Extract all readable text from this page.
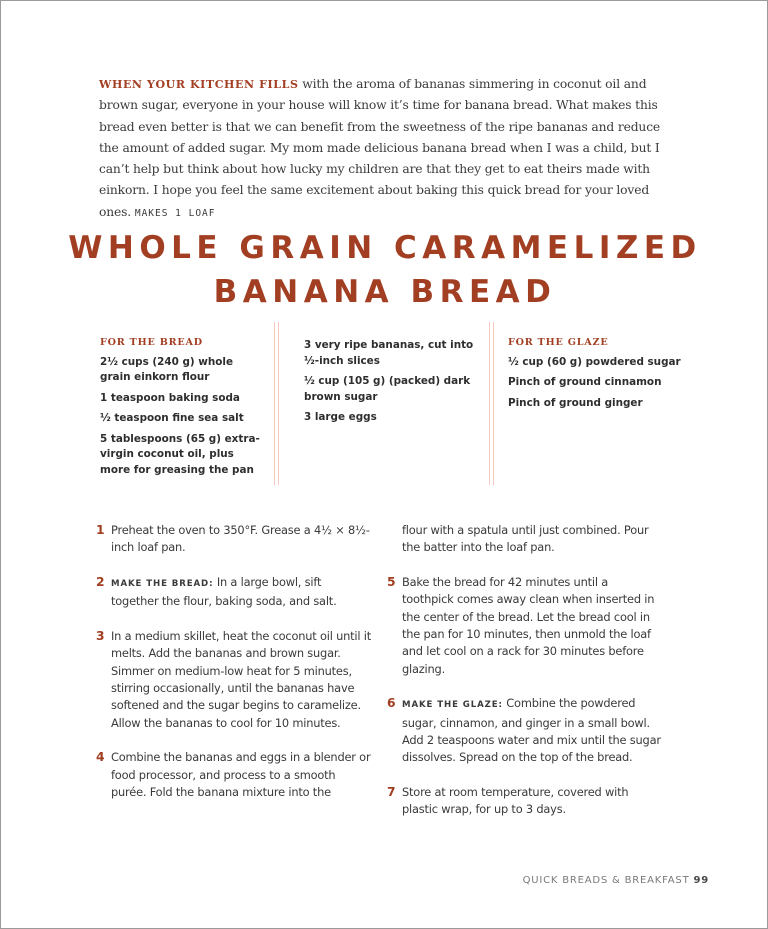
WHEN YOUR KITCHEN FILLS with the aroma of bananas simmering in coconut oil and brown sugar, everyone in your house will know it’s time for banana bread. What makes this bread even better is that we can benefit from the sweetness of the ripe bananas and reduce the amount of added sugar. My mom made delicious banana bread when I was a child, but I can’t help but think about how lucky my children are that they get to eat theirs made with einkorn. I hope you feel the same excitement about baking this quick bread for your loved ones. MAKES 1 LOAF

WHOLE GRAIN CARAMELIZED
BANANA BREAD
FOR THE BREAD
2½ cups (240 g) whole grain einkorn flour
1 teaspoon baking soda
½ teaspoon fine sea salt
5 tablespoons (65 g) extra-virgin coconut oil, plus more for greasing the pan
3 very ripe bananas, cut into ½-inch slices
½ cup (105 g) (packed) dark brown sugar
3 large eggs
FOR THE GLAZE
½ cup (60 g) powdered sugar
Pinch of ground cinnamon
Pinch of ground ginger
1 Preheat the oven to 350°F. Grease a 4½ × 8½-inch loaf pan.
2 MAKE THE BREAD: In a large bowl, sift together the flour, baking soda, and salt.
3 In a medium skillet, heat the coconut oil until it melts. Add the bananas and brown sugar. Simmer on medium-low heat for 5 minutes, stirring occasionally, until the bananas have softened and the sugar begins to caramelize. Allow the bananas to cool for 10 minutes.
4 Combine the bananas and eggs in a blender or food processor, and process to a smooth purée. Fold the banana mixture into the
flour with a spatula until just combined. Pour the batter into the loaf pan.
5 Bake the bread for 42 minutes until a toothpick comes away clean when inserted in the center of the bread. Let the bread cool in the pan for 10 minutes, then unmold the loaf and let cool on a rack for 30 minutes before glazing.
6 MAKE THE GLAZE: Combine the powdered sugar, cinnamon, and ginger in a small bowl. Add 2 teaspoons water and mix until the sugar dissolves. Spread on the top of the bread.
7 Store at room temperature, covered with plastic wrap, for up to 3 days.
QUICK BREADS & BREAKFAST 99
